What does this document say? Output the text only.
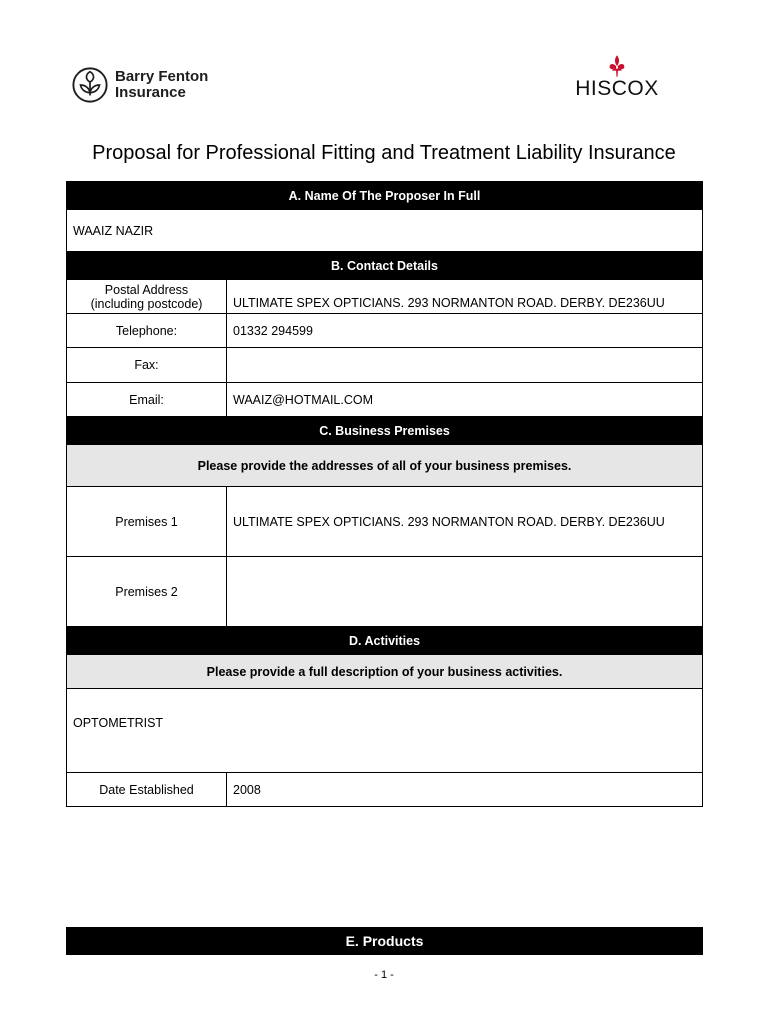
Barry Fenton
Insurance	HISCOX
Proposal for Professional Fitting and Treatment Liability Insurance
A. Name Of The Proposer In Full	
WAAIZ NAZIR	
B. Contact Details	

Postal Address
(including postcode)	ULTIMATE SPEX OPTICIANS. 293 NORMANTON ROAD. DERBY. DE236UU
Telephone:	01332 294599
Fax:	
Email:	WAAIZ@HOTMAIL.COM
C. Business Premises	
Please provide the addresses of all of your business premises.	
Premises 1	ULTIMATE SPEX OPTICIANS. 293 NORMANTON ROAD. DERBY. DE236UU
Premises 2	
D. Activities	
Please provide a full description of your business activities.	
OPTOMETRIST	
Date Established	2008
E. Products
- 1 -
